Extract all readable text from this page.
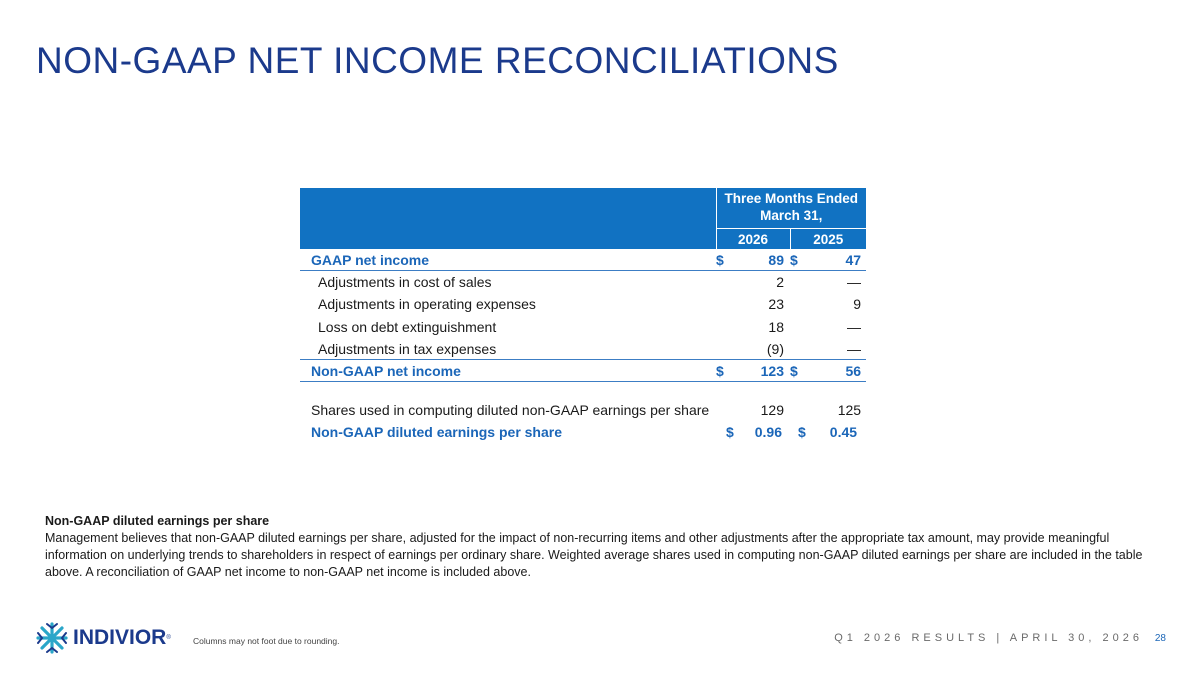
NON-GAAP NET INCOME RECONCILIATIONS
	Three Months Ended March 31,			
	2026		2025	
GAAP net income	$	89	$	47
Adjustments in cost of sales		2		—
Adjustments in operating expenses		23		9
Loss on debt extinguishment		18		—
Adjustments in tax expenses		(9)		—
Non-GAAP net income	$	123	$	56

Shares used in computing diluted non-GAAP earnings per share		129		125
Non-GAAP diluted earnings per share	$	0.96	$	0.45
Non-GAAP diluted earnings per share
Management believes that non-GAAP diluted earnings per share, adjusted for the impact of non-recurring items and other adjustments after the appropriate tax amount, may provide meaningful information on underlying trends to shareholders in respect of earnings per ordinary share. Weighted average shares used in computing non-GAAP diluted earnings per share are included in the table above. A reconciliation of GAAP net income to non-GAAP net income is included above.
INDIVIOR ®	Columns may not foot due to rounding.	Q1 2026 RESULTS | APRIL 30, 2026 28
